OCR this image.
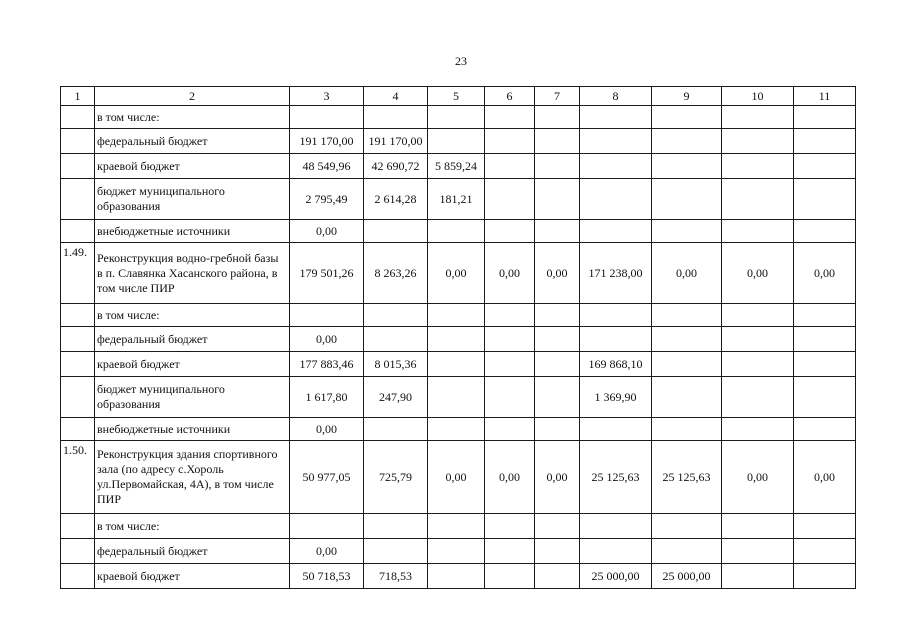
23
1	2	3	4	5	6	7	8	9	10	11
	в том числе:									
	федеральный бюджет	191 170,00	191 170,00							
	краевой бюджет	48 549,96	42 690,72	5 859,24						
	бюджет муниципального образования	2 795,49	2 614,28	181,21						
	внебюджетные источники	0,00								
1.49.	Реконструкция водно-гребной базы в п. Славянка Хасанского района, в том числе ПИР	179 501,26	8 263,26	0,00	0,00	0,00	171 238,00	0,00	0,00	0,00
	в том числе:									
	федеральный бюджет	0,00								
	краевой бюджет	177 883,46	8 015,36				169 868,10			
	бюджет муниципального образования	1 617,80	247,90				1 369,90			
	внебюджетные источники	0,00								
1.50.	Реконструкция здания спортивного зала (по адресу с.Хороль ул.Первомайская, 4А), в том числе ПИР	50 977,05	725,79	0,00	0,00	0,00	25 125,63	25 125,63	0,00	0,00
	в том числе:									
	федеральный бюджет	0,00								
	краевой бюджет	50 718,53	718,53				25 000,00	25 000,00		
